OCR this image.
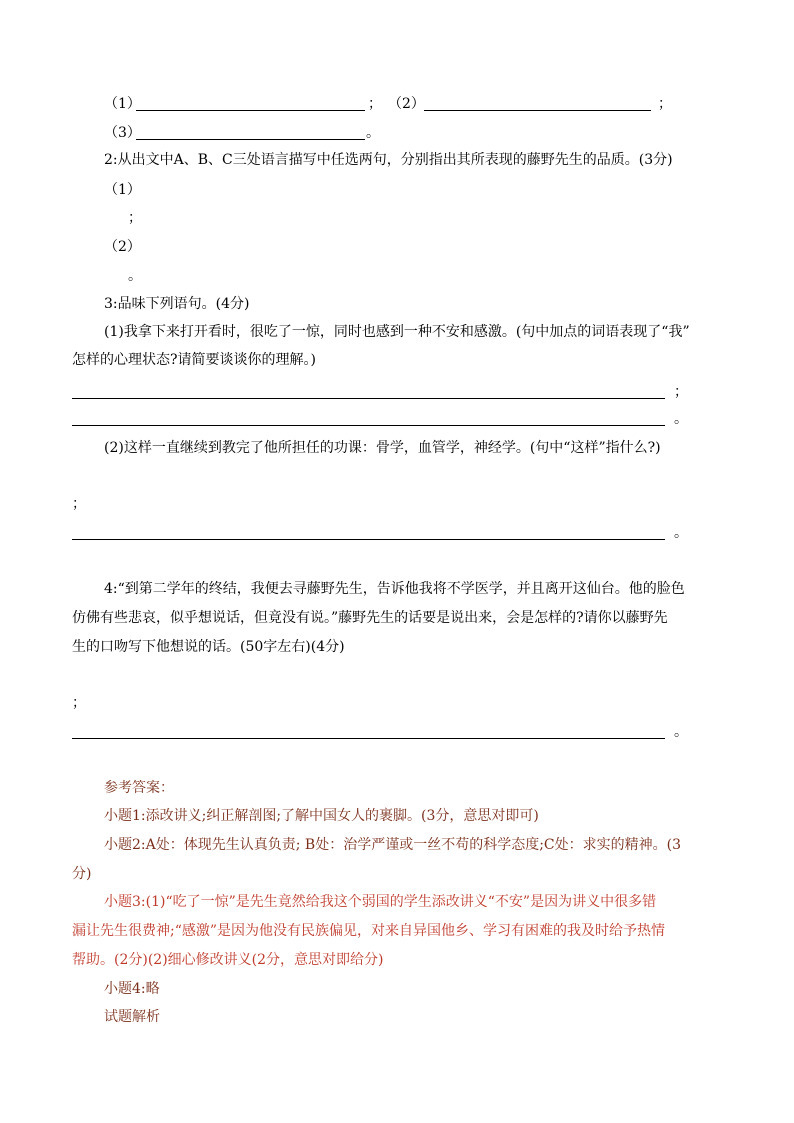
（1）	； （2）	；
（3）	。
2:从出文中A、B、C三处语言描写中任选两句，分别指出其所表现的藤野先生的品质。(3分)
（1）
；
（2）
。
3:品味下列语句。(4分)
(1)我拿下来打开看时，很吃了一惊，同时也感到一种不安和感激。(句中加点的词语表现了“我”
怎样的心理状态?请简要谈谈你的理解。)
；
。
(2)这样一直继续到教完了他所担任的功课：骨学，血管学，神经学。(句中“这样”指什么?)
；
。
4:“到第二学年的终结，我便去寻藤野先生，告诉他我将不学医学，并且离开这仙台。他的脸色
仿佛有些悲哀，似乎想说话，但竟没有说。”藤野先生的话要是说出来，会是怎样的?请你以藤野先
生的口吻写下他想说的话。(50字左右)(4分)
；
。
参考答案：
小题1:添改讲义;纠正解剖图;了解中国女人的裹脚。(3分，意思对即可)
小题2:A处：体现先生认真负责; B处：治学严谨或一丝不苟的科学态度;C处：求实的精神。(3
分)
小题3:(1)“吃了一惊”是先生竟然给我这个弱国的学生添改讲义“不安”是因为讲义中很多错
漏让先生很费神;“感激”是因为他没有民族偏见，对来自异国他乡、学习有困难的我及时给予热情
帮助。(2分)(2)细心修改讲义(2分，意思对即给分)
小题4:略
试题解析
